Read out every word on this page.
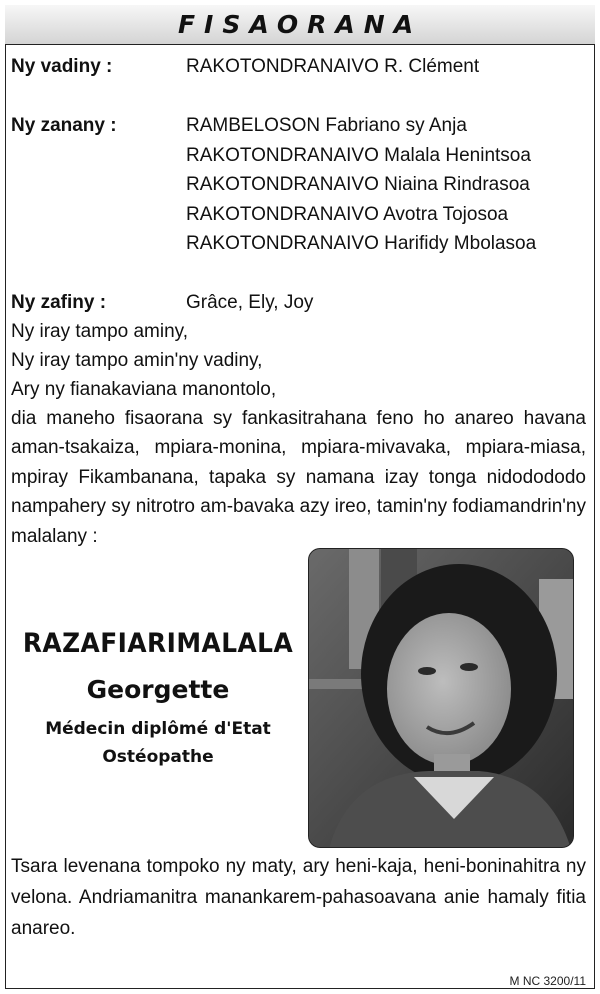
FISAORANA
Ny vadiny :	RAKOTONDRANAIVO R. Clément
Ny zanany :	RAMBELOSON Fabriano sy Anja
RAKOTONDRANAIVO Malala Henintsoa
RAKOTONDRANAIVO Niaina Rindrasoa
RAKOTONDRANAIVO Avotra Tojosoa
RAKOTONDRANAIVO Harifidy Mbolasoa
Ny zafiny :	Grâce, Ely, Joy
Ny iray tampo aminy,
Ny iray tampo amin'ny vadiny,
Ary ny fianakaviana manontolo,
dia maneho fisaorana sy fankasitrahana feno ho anareo havana aman-tsakaiza, mpiara-monina, mpiara-mivavaka, mpiara-miasa, mpiray Fikambanana, tapaka sy namana izay tonga nidodododo nampahery sy nitrotro am-bavaka azy ireo, tamin'ny fodiamandrin'ny malalany :
RAZAFIARIMALALA
Georgette
Médecin diplômé d'Etat
Ostéopathe
Tsara levenana tompoko ny maty, ary heni-kaja, heni-boninahitra ny velona. Andriamanitra manankarem-pahasoavana anie hamaly fitia anareo.
M NC 3200/11
